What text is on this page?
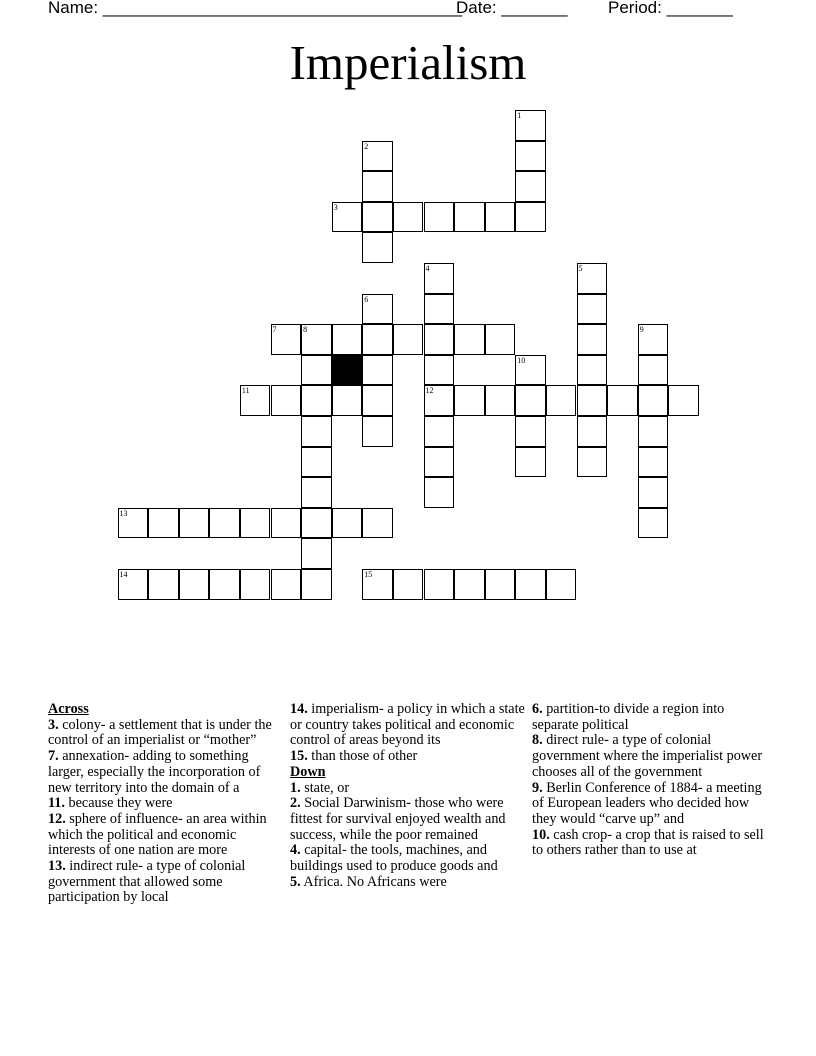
Name: ______________________________________
Date: _______ Period: _______
Imperialism
1
2
3
4
12
5
6
7	8	9
10
11
13
14	15
Across
3. colony- a settlement that is under the control of an imperialist or “mother”
7. annexation- adding to something larger, especially the incorporation of new territory into the domain of a
11. because they were
12. sphere of influence- an area within which the political and economic interests of one nation are more
13. indirect rule- a type of colonial government that allowed some participation by local
14. imperialism- a policy in which a state or country takes political and economic control of areas beyond its
15. than those of other
Down
1. state, or
2. Social Darwinism- those who were fittest for survival enjoyed wealth and success, while the poor remained
4. capital- the tools, machines, and buildings used to produce goods and
5. Africa. No Africans were
6. partition-to divide a region into separate political
8. direct rule- a type of colonial government where the imperialist power chooses all of the government
9. Berlin Conference of 1884- a meeting of European leaders who decided how they would “carve up” and
10. cash crop- a crop that is raised to sell to others rather than to use at
